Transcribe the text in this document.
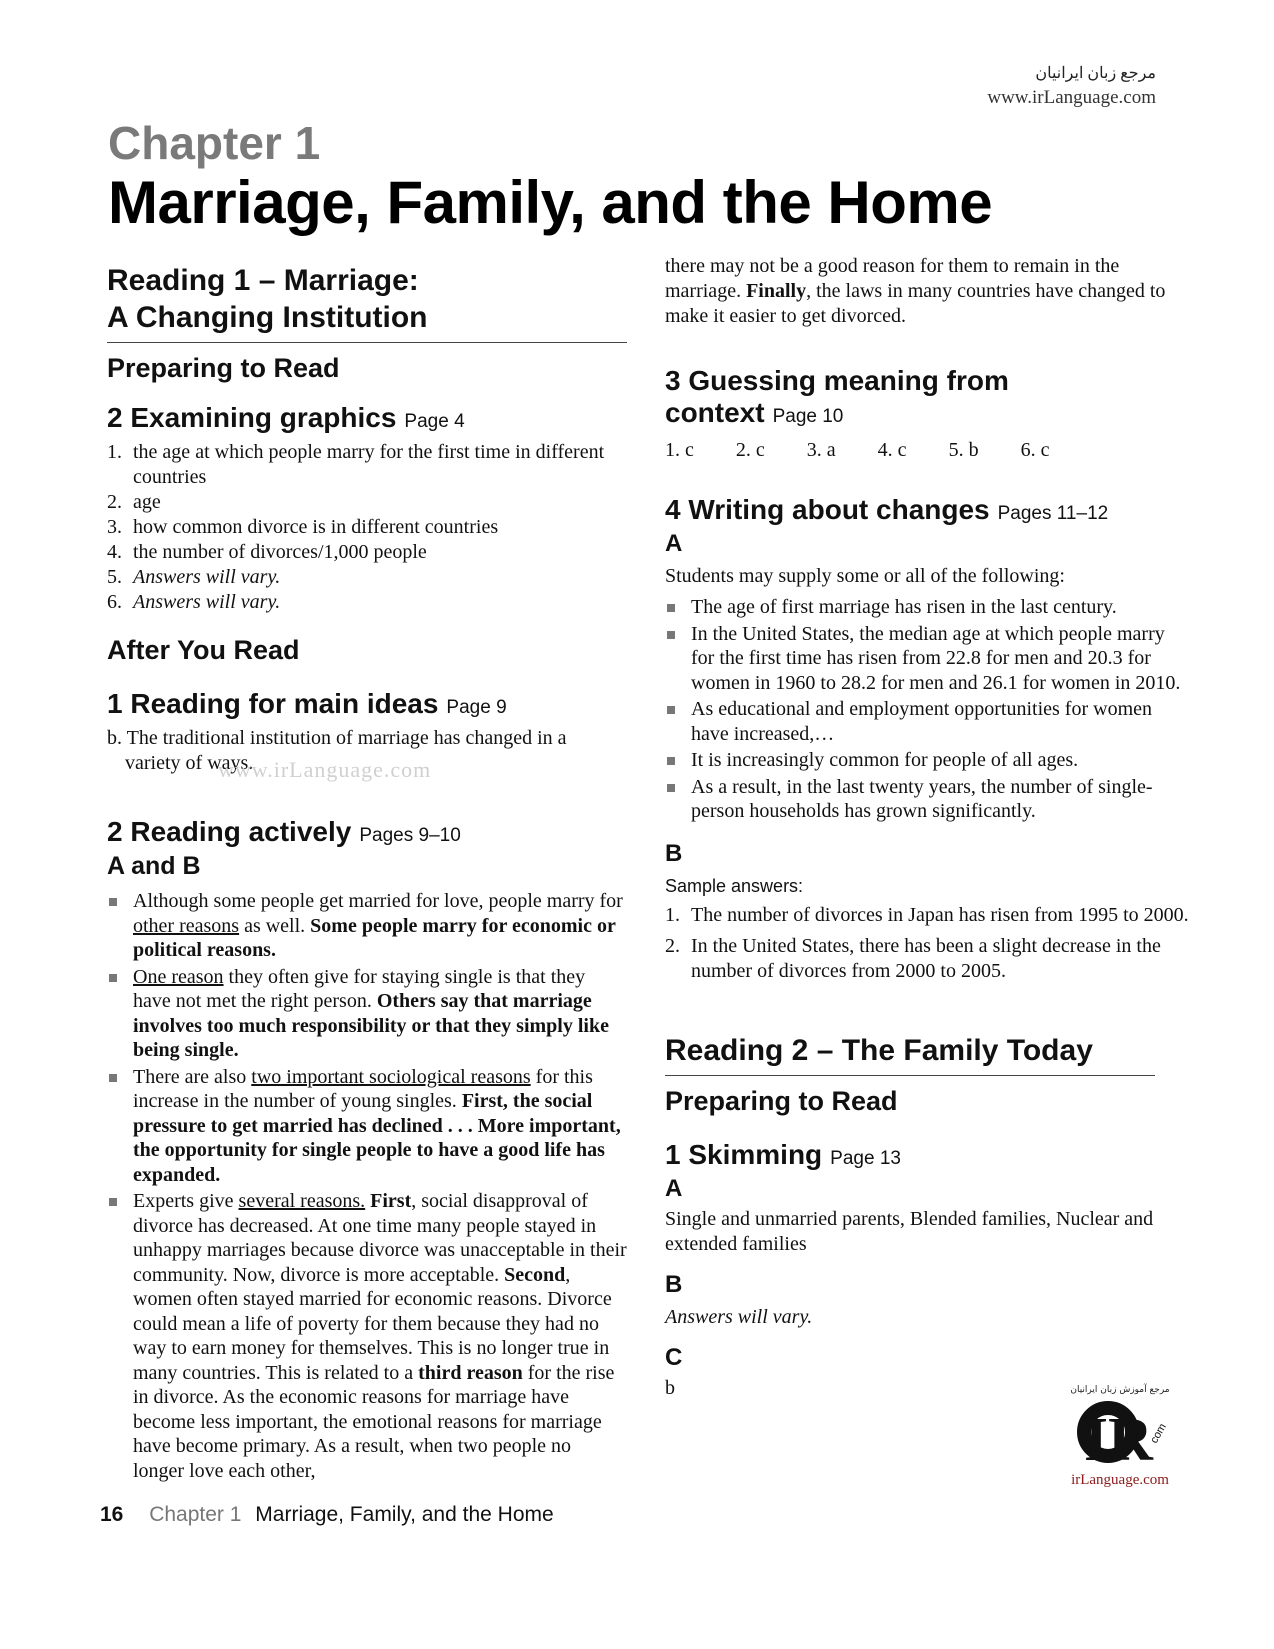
مرجع زبان ایرانیان
www.irLanguage.com
Chapter 1
Marriage, Family, and the Home
Reading 1 – Marriage:
A Changing Institution
Preparing to Read
2 Examining graphics Page 4
1. the age at which people marry for the first time in different countries
2. age
3. how common divorce is in different countries
4. the number of divorces/1,000 people
5. Answers will vary.
6. Answers will vary.
After You Read
1 Reading for main ideas Page 9
b. The traditional institution of marriage has changed in a variety of ways.
2 Reading actively Pages 9–10
A and B
Although some people get married for love, people marry for other reasons as well. Some people marry for economic or political reasons.
One reason they often give for staying single is that they have not met the right person. Others say that marriage involves too much responsibility or that they simply like being single.
There are also two important sociological reasons for this increase in the number of young singles. First, the social pressure to get married has declined . . . More important, the opportunity for single people to have a good life has expanded.
Experts give several reasons. First, social disapproval of divorce has decreased. At one time many people stayed in unhappy marriages because divorce was unacceptable in their community. Now, divorce is more acceptable. Second, women often stayed married for economic reasons. Divorce could mean a life of poverty for them because they had no way to earn money for themselves. This is no longer true in many countries. This is related to a third reason for the rise in divorce. As the economic reasons for marriage have become less important, the emotional reasons for marriage have become primary. As a result, when two people no longer love each other,
www.irLanguage.com
there may not be a good reason for them to remain in the marriage. Finally, the laws in many countries have changed to make it easier to get divorced.
3 Guessing meaning from
context Page 10
1. c 2. c 3. a 4. c 5. b 6. c
4 Writing about changes Pages 11–12
A
Students may supply some or all of the following:
The age of first marriage has risen in the last century.
In the United States, the median age at which people marry for the first time has risen from 22.8 for men and 20.3 for women in 1960 to 28.2 for men and 26.1 for women in 2010.
As educational and employment opportunities for women have increased,…
It is increasingly common for people of all ages.
As a result, in the last twenty years, the number of single-person households has grown significantly.
B
Sample answers:
1. The number of divorces in Japan has risen from 1995 to 2000.
2. In the United States, there has been a slight decrease in the number of divorces from 2000 to 2005.
Reading 2 – The Family Today
Preparing to Read
1 Skimming Page 13
A
Single and unmarried parents, Blended families, Nuclear and extended families
B
Answers will vary.
C
b
16 Chapter 1 Marriage, Family, and the Home
مرجع آموزش زبان ایرانیان
IR
com
irLanguage.com
